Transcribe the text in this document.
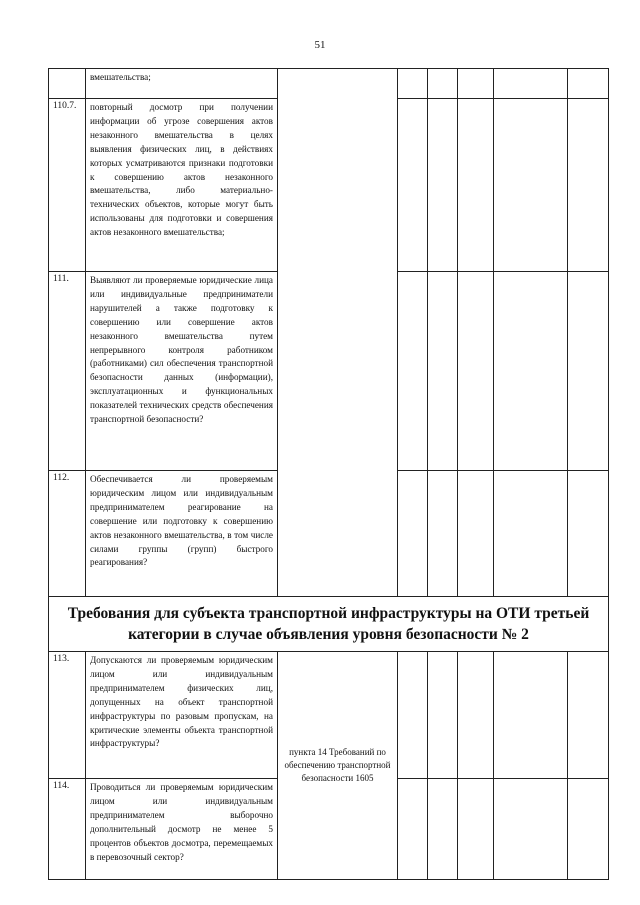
51
	вмешательства;						
110.7.	повторный досмотр при получении информации об угрозе совершения актов незаконного вмешательства в целях выявления физических лиц, в действиях которых усматриваются признаки подготовки к совершению актов незаконного вмешательства, либо материально-технических объектов, которые могут быть использованы для подготовки и совершения актов незаконного вмешательства;						
111.	Выявляют ли проверяемые юридические лица или индивидуальные предприниматели нарушителей а также подготовку к совершению или совершение актов незаконного вмешательства путем непрерывного контроля работником (работниками) сил обеспечения транспортной безопасности данных (информации), эксплуатационных и функциональных показателей технических средств обеспечения транспортной безопасности?						
112.	Обеспечивается ли проверяемым юридическим лицом или индивидуальным предпринимателем реагирование на совершение или подготовку к совершению актов незаконного вмешательства, в том числе силами группы (групп) быстрого реагирования?						
Требования для субъекта транспортной инфраструктуры на ОТИ третьей категории в случае объявления уровня безопасности № 2							
113.	Допускаются ли проверяемым юридическим лицом или индивидуальным предпринимателем физических лиц, допущенных на объект транспортной инфраструктуры по разовым пропускам, на критические элементы объекта транспортной инфраструктуры?	пункта 14 Требований по обеспечению транспортной безопасности 1605					

114.	Проводиться ли проверяемым юридическим лицом или индивидуальным предпринимателем выборочно дополнительный досмотр не менее 5 процентов объектов досмотра, перемещаемых в перевозочный сектор?						
